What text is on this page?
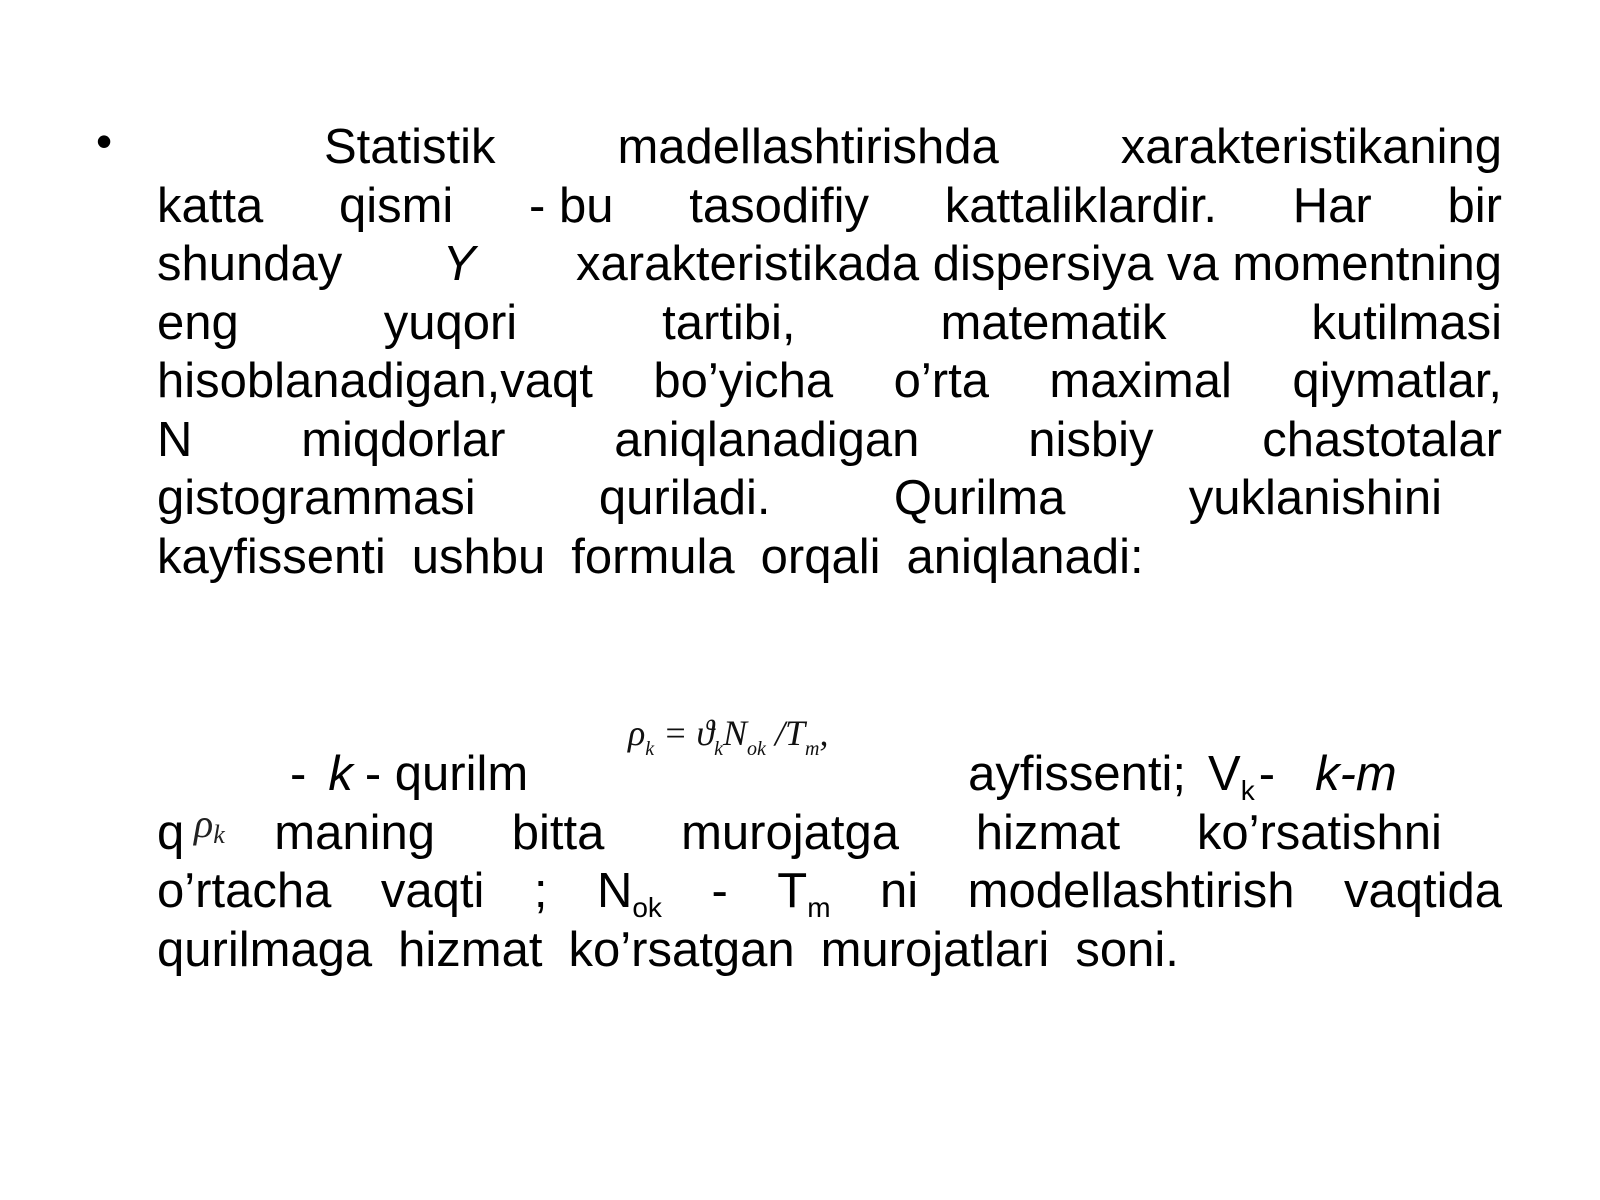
•	Statistik madellashtirishda xarakteristikaning
katta qismi - bu tasodifiy kattaliklardir. Har bir
shunday Y xarakteristikada dispersiya va momentning
eng	yuqori	tartibi,	matematik	kutilmasi
hisoblanadigan,vaqt bo’yicha o’rta maximal qiymatlar,
N miqdorlar aniqlanadigan nisbiy chastotalar
gistogrammasi	quriladi.	Qurilma	yuklanishini
kayfissenti ushbu formula orqali aniqlanadi:
$\rho_k = ϑ_kN_{ok}$ $/T_m$,
ρk
- k - qurilm	ayfissenti; $V_k - k-m$
q maning bitta murojatga hizmat ko’rsatishni
o’rtacha vaqti ; $N_{ok} - T_m$ ni modellashtirish vaqtida
qurilmaga hizmat ko’rsatgan murojatlari soni.
